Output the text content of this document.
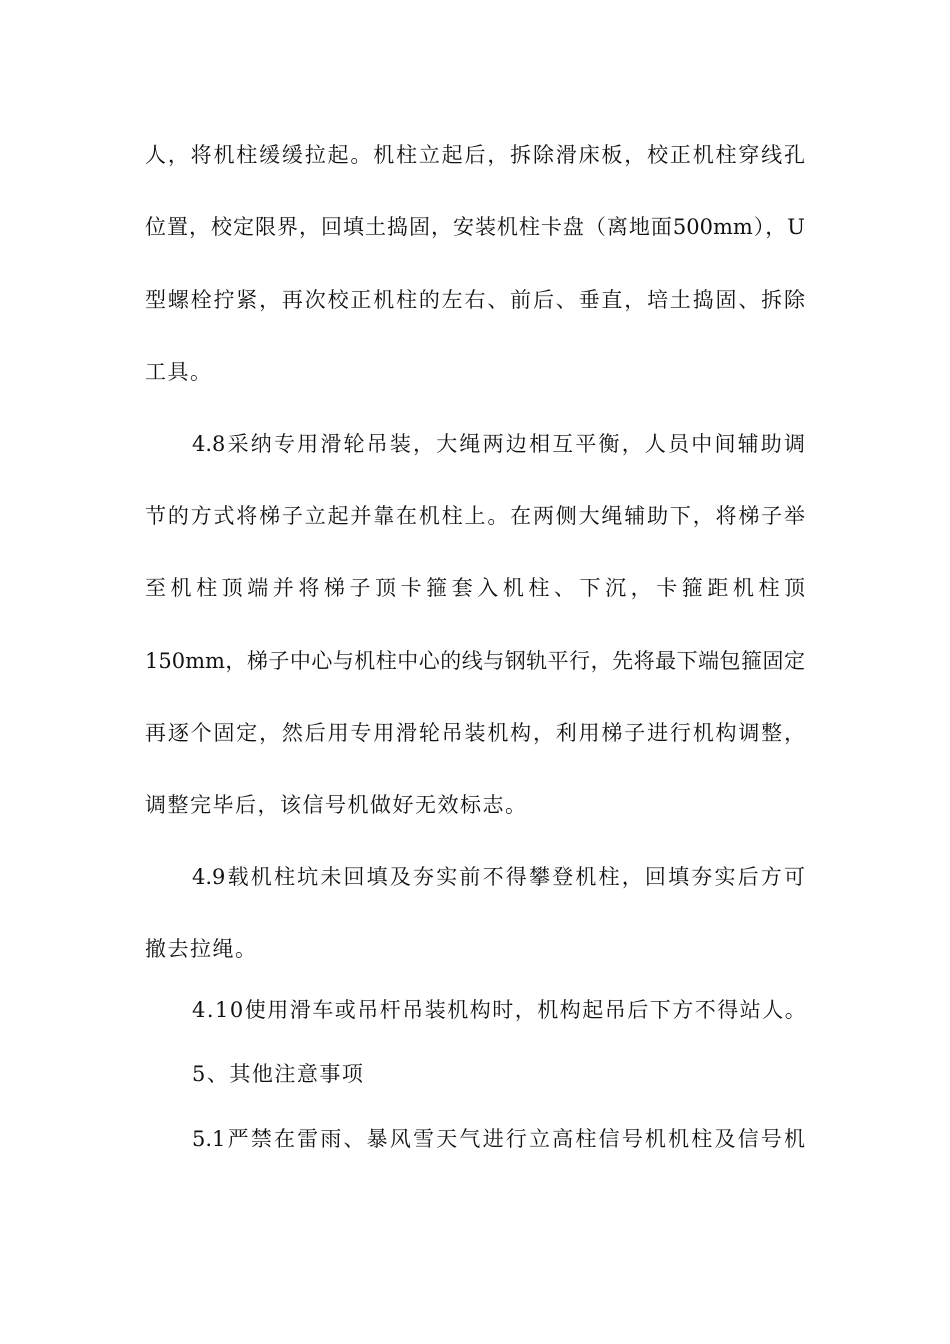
人，将机柱缓缓拉起。机柱立起后，拆除滑床板，校正机柱穿线孔
位置，校定限界，回填土捣固，安装机柱卡盘（离地面500mm），U
型螺栓拧紧，再次校正机柱的左右、前后、垂直，培土捣固、拆除
工具。
4.8采纳专用滑轮吊装，大绳两边相互平衡，人员中间辅助调
节的方式将梯子立起并靠在机柱上。在两侧大绳辅助下，将梯子举
至机柱顶端并将梯子顶卡箍套入机柱、下沉，卡箍距机柱顶
150mm，梯子中心与机柱中心的线与钢轨平行，先将最下端包箍固定
再逐个固定，然后用专用滑轮吊装机构，利用梯子进行机构调整，
调整完毕后，该信号机做好无效标志。
4.9载机柱坑未回填及夯实前不得攀登机柱，回填夯实后方可
撤去拉绳。
4.10使用滑车或吊杆吊装机构时，机构起吊后下方不得站人。
5、其他注意事项
5.1严禁在雷雨、暴风雪天气进行立高柱信号机机柱及信号机
